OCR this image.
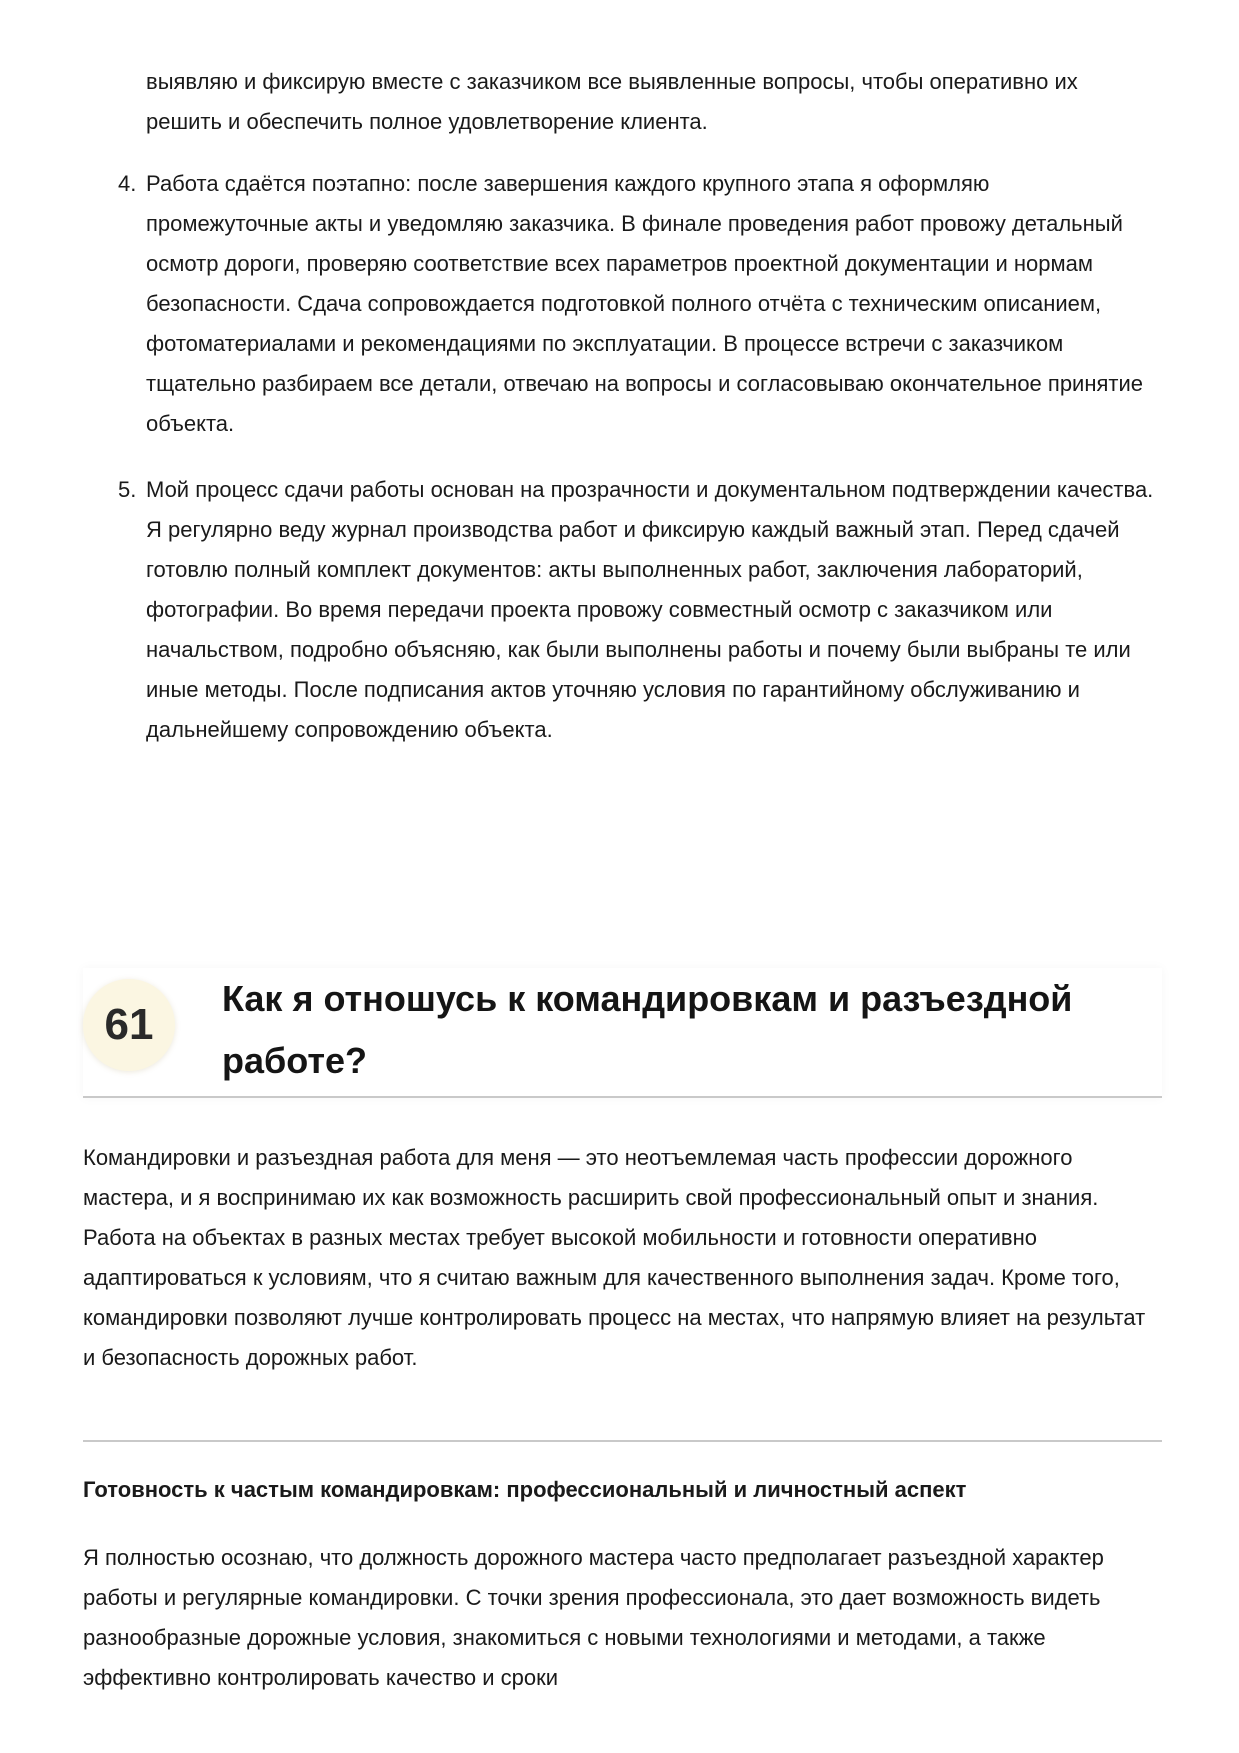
выявляю и фиксирую вместе с заказчиком все выявленные вопросы, чтобы оперативно их решить и обеспечить полное удовлетворение клиента.

4. Работа сдаётся поэтапно: после завершения каждого крупного этапа я оформляю промежуточные акты и уведомляю заказчика. В финале проведения работ провожу детальный осмотр дороги, проверяю соответствие всех параметров проектной документации и нормам безопасности. Сдача сопровождается подготовкой полного отчёта с техническим описанием, фотоматериалами и рекомендациями по эксплуатации. В процессе встречи с заказчиком тщательно разбираем все детали, отвечаю на вопросы и согласовываю окончательное принятие объекта.
5. Мой процесс сдачи работы основан на прозрачности и документальном подтверждении качества. Я регулярно веду журнал производства работ и фиксирую каждый важный этап. Перед сдачей готовлю полный комплект документов: акты выполненных работ, заключения лабораторий, фотографии. Во время передачи проекта провожу совместный осмотр с заказчиком или начальством, подробно объясняю, как были выполнены работы и почему были выбраны те или иные методы. После подписания актов уточняю условия по гарантийному обслуживанию и дальнейшему сопровождению объекта.
61
Как я отношусь к командировкам и разъездной работе?

Командировки и разъездная работа для меня — это неотъемлемая часть профессии дорожного мастера, и я воспринимаю их как возможность расширить свой профессиональный опыт и знания. Работа на объектах в разных местах требует высокой мобильности и готовности оперативно адаптироваться к условиям, что я считаю важным для качественного выполнения задач. Кроме того, командировки позволяют лучше контролировать процесс на местах, что напрямую влияет на результат и безопасность дорожных работ.

Готовность к частым командировкам: профессиональный и личностный аспект

Я полностью осознаю, что должность дорожного мастера часто предполагает разъездной характер работы и регулярные командировки. С точки зрения профессионала, это дает возможность видеть разнообразные дорожные условия, знакомиться с новыми технологиями и методами, а также эффективно контролировать качество и сроки
